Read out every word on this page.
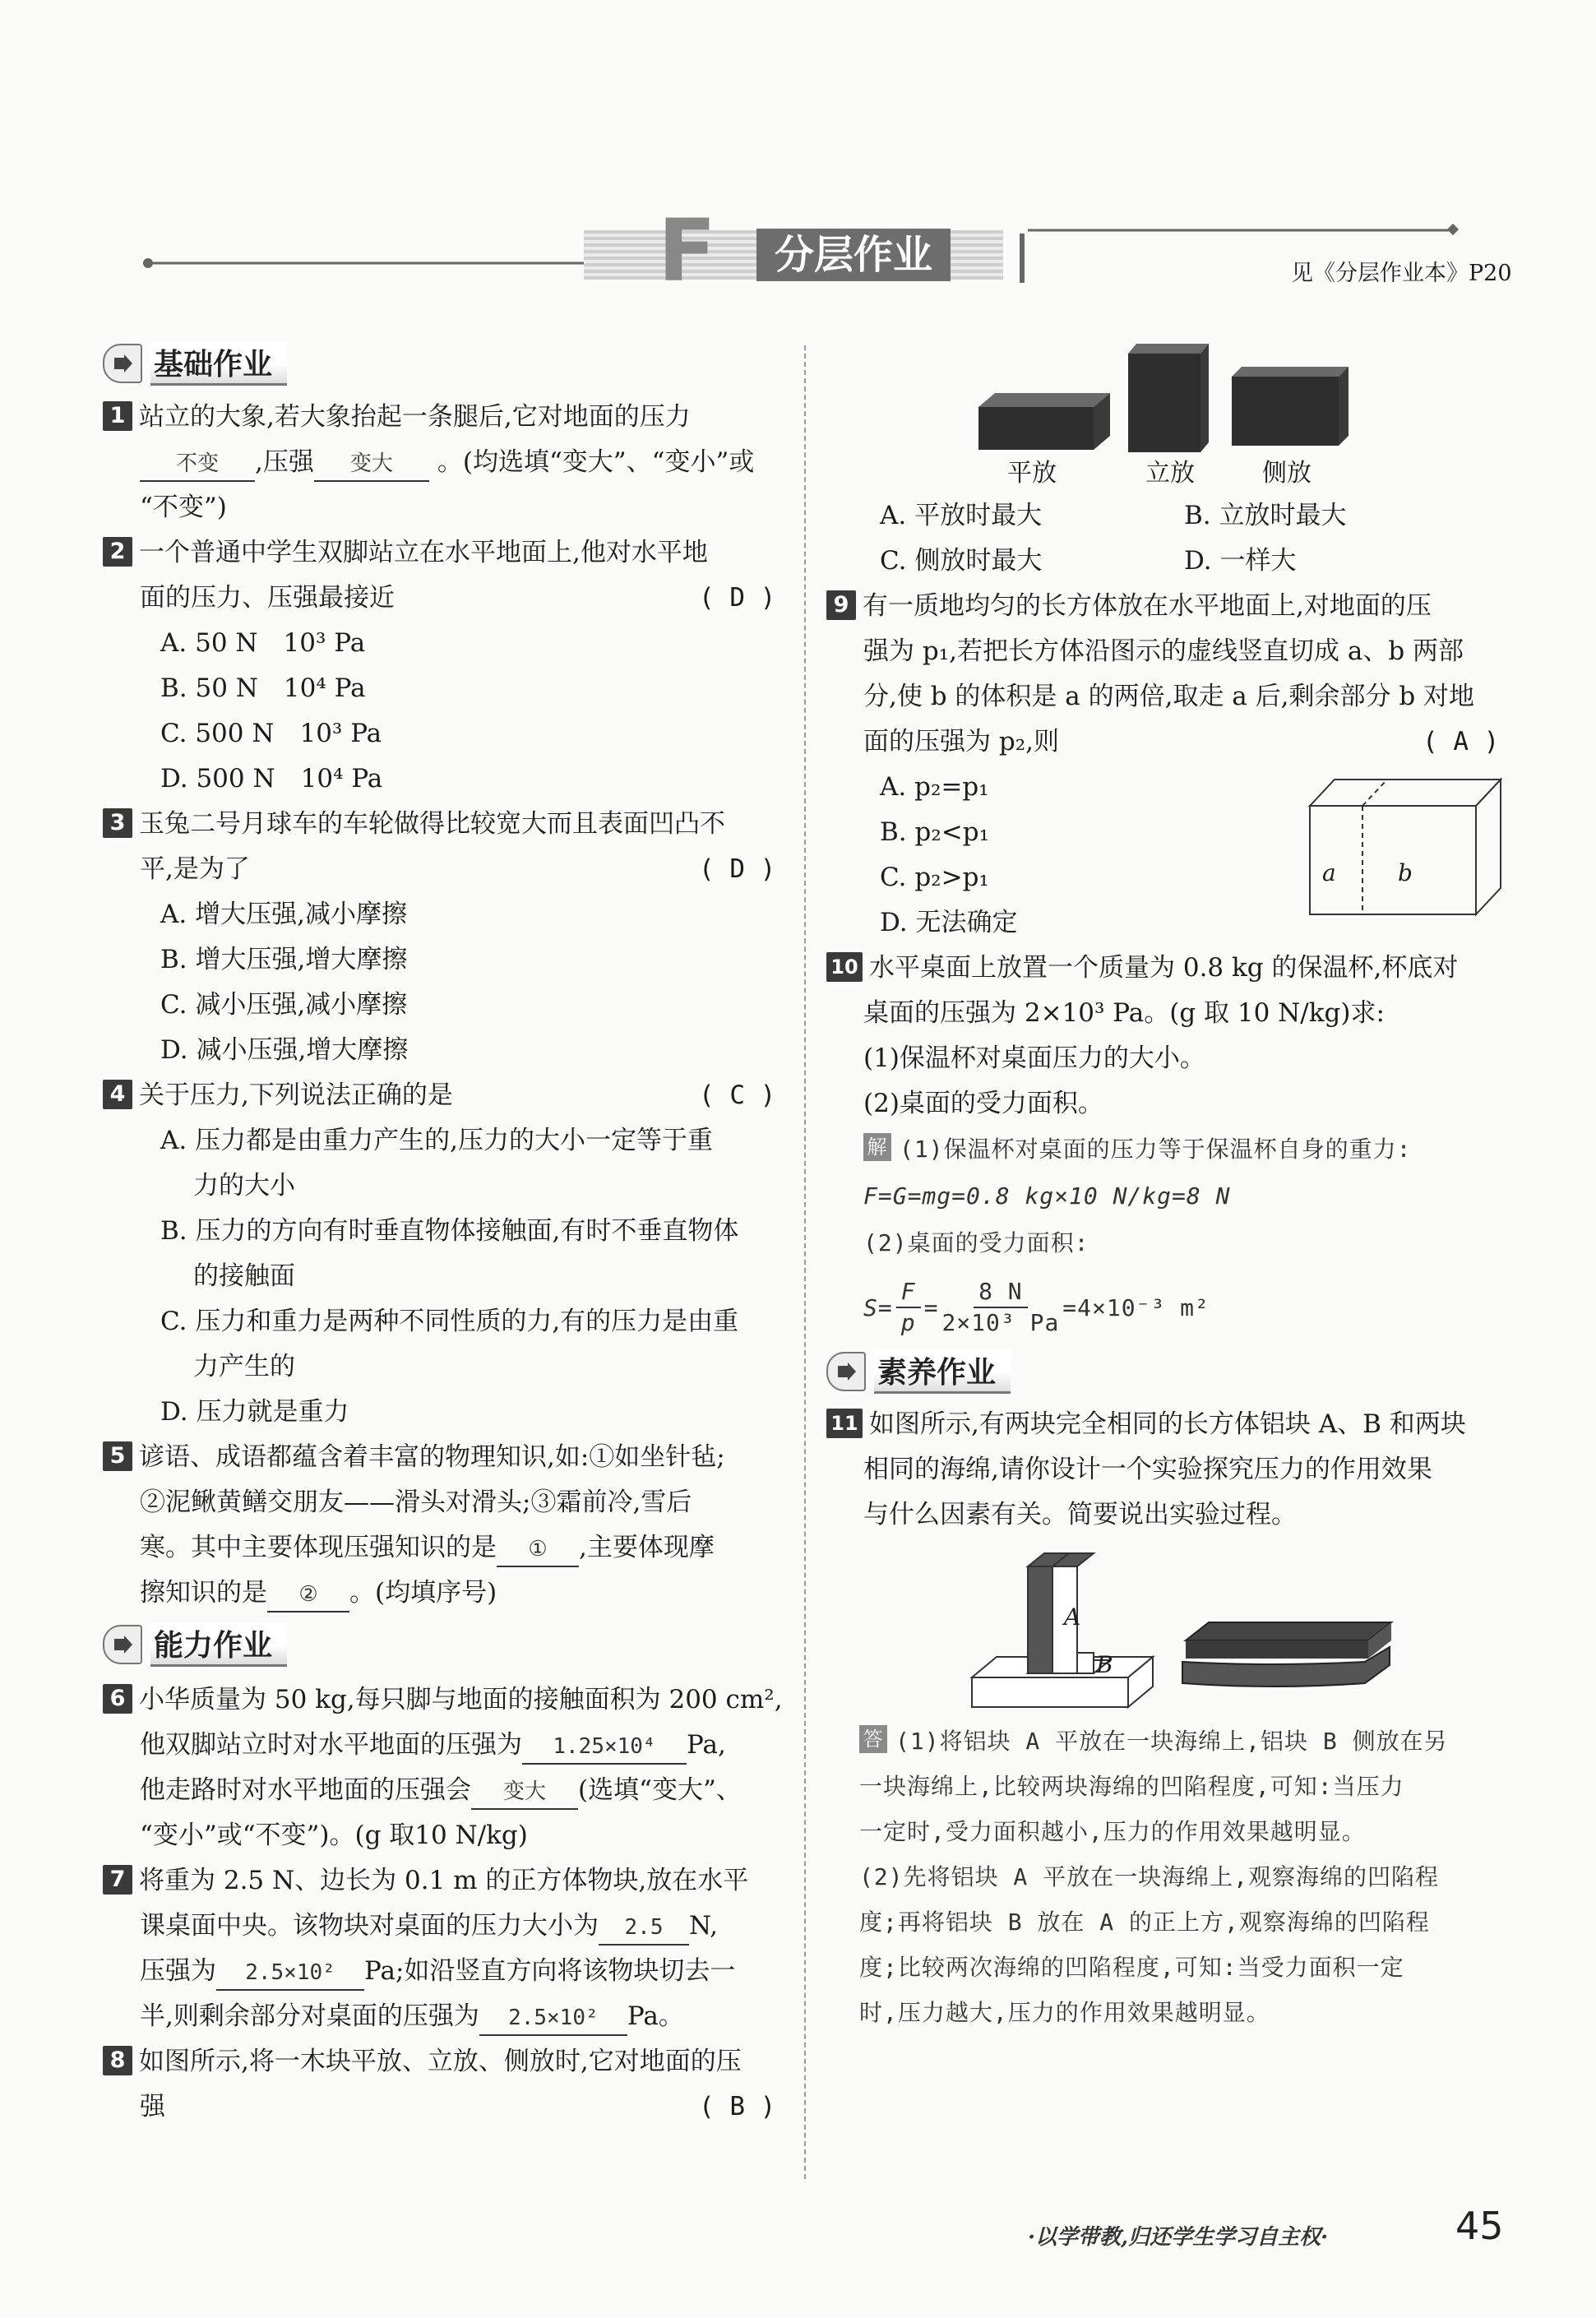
F	分层作业	见《分层作业本》P20
基础作业
1 站立的大象,若大象抬起一条腿后,它对地面的压力
不变 ,压强 变大 。(均选填“变大”、“变小”或
“不变”)
2 一个普通中学生双脚站立在水平地面上,他对水平地
面的压力、压强最接近	( D )
A. 50 N　10³ Pa
B. 50 N　10⁴ Pa
C. 500 N　10³ Pa
D. 500 N　10⁴ Pa
3 玉兔二号月球车的车轮做得比较宽大而且表面凹凸不
平,是为了	( D )
A. 增大压强,减小摩擦
B. 增大压强,增大摩擦
C. 减小压强,减小摩擦
D. 减小压强,增大摩擦
4 关于压力,下列说法正确的是	( C )
A. 压力都是由重力产生的,压力的大小一定等于重
力的大小
B. 压力的方向有时垂直物体接触面,有时不垂直物体
的接触面
C. 压力和重力是两种不同性质的力,有的压力是由重
力产生的
D. 压力就是重力
5 谚语、成语都蕴含着丰富的物理知识,如:①如坐针毡;
②泥鳅黄鳝交朋友——滑头对滑头;③霜前冷,雪后
寒。其中主要体现压强知识的是 ① ,主要体现摩
擦知识的是 ② 。(均填序号)
能力作业
6 小华质量为 50 kg,每只脚与地面的接触面积为 200 cm²,
他双脚站立时对水平地面的压强为 1.25×10⁴ Pa,
他走路时对水平地面的压强会 变大 (选填“变大”、
“变小”或“不变”)。(g 取10 N/kg)
7 将重为 2.5 N、边长为 0.1 m 的正方体物块,放在水平
课桌面中央。该物块对桌面的压力大小为 2.5 N,
压强为 2.5×10² Pa;如沿竖直方向将该物块切去一
半,则剩余部分对桌面的压强为 2.5×10² Pa。
8 如图所示,将一木块平放、立放、侧放时,它对地面的压
强	( B )
平放	立放	侧放
A. 平放时最大	B. 立放时最大
C. 侧放时最大	D. 一样大
9 有一质地均匀的长方体放在水平地面上,对地面的压
强为 p₁,若把长方体沿图示的虚线竖直切成 a、b 两部
分,使 b 的体积是 a 的两倍,取走 a 后,剩余部分 b 对地
面的压强为 p₂,则	( A )
A. p₂=p₁
B. p₂<p₁
C. p₂>p₁
D. 无法确定
a	b
10 水平桌面上放置一个质量为 0.8 kg 的保温杯,杯底对
桌面的压强为 2×10³ Pa。(g 取 10 N/kg)求:
(1)保温杯对桌面压力的大小。
(2)桌面的受力面积。
解 (1)保温杯对桌面的压力等于保温杯自身的重力:
F=G=mg=0.8 kg×10 N/kg=8 N
(2)桌面的受力面积:
$S= \frac{F}{p} = \frac{8 N}{\text{2×10³ Pa}} =4\times 10^{-3}$ m²
素养作业
11 如图所示,有两块完全相同的长方体铝块 A、B 和两块
相同的海绵,请你设计一个实验探究压力的作用效果
与什么因素有关。简要说出实验过程。
A
B
答 (1)将铝块 A 平放在一块海绵上,铝块 B 侧放在另
一块海绵上,比较两块海绵的凹陷程度,可知:当压力
一定时,受力面积越小,压力的作用效果越明显。
(2)先将铝块 A 平放在一块海绵上,观察海绵的凹陷程
度;再将铝块 B 放在 A 的正上方,观察海绵的凹陷程
度;比较两次海绵的凹陷程度,可知:当受力面积一定
时,压力越大,压力的作用效果越明显。
·以学带教,归还学生学习自主权·	45
